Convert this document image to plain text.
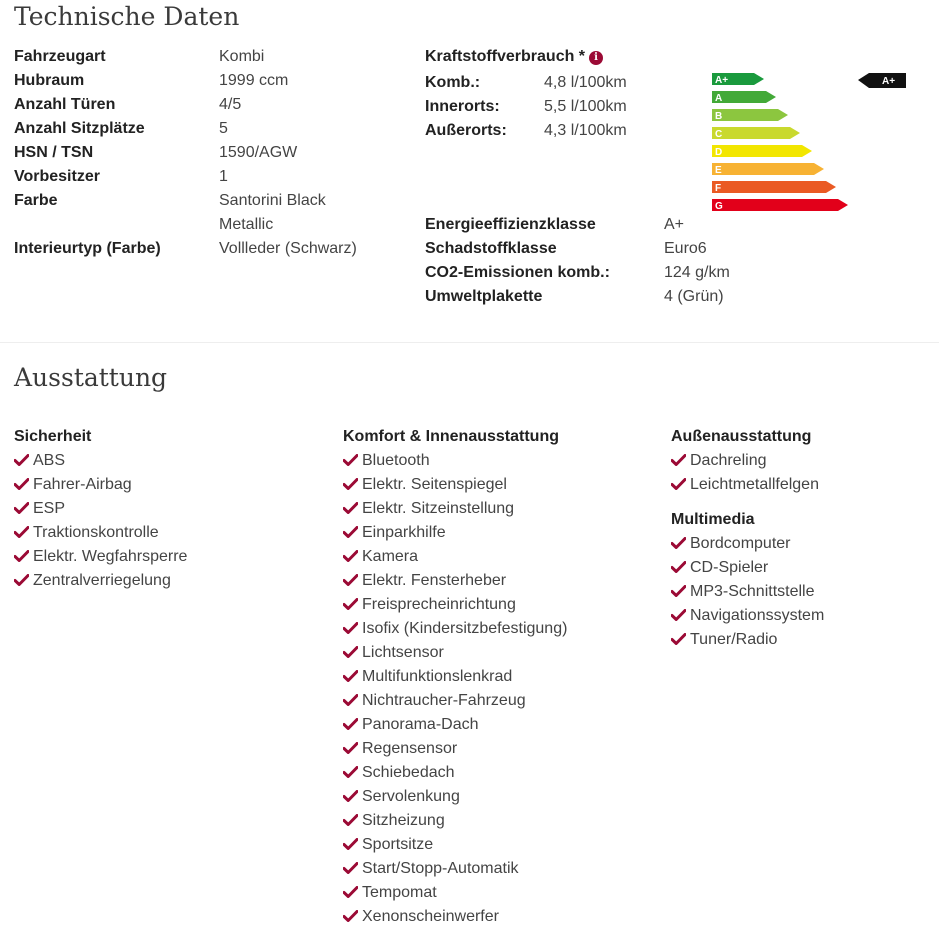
Technische Daten
Fahrzeugart	Kombi
Hubraum	1999 ccm
Anzahl Türen	4/5
Anzahl Sitzplätze	5
HSN / TSN	1590/AGW
Vorbesitzer	1
Farbe	Santorini Black
Metallic
Interieurtyp (Farbe)	Vollleder (Schwarz)
Kraftstoffverbrauch * i
Komb.:	4,8 l/100km
Innerorts:	5,5 l/100km
Außerorts: 4,3 l/100km
A+
A
B
C
D
E
F
G
A+
Energieeffizienzklasse	A+
Schadstoffklasse	Euro6
CO2-Emissionen komb.:	124 g/km
Umweltplakette	4 (Grün)
Ausstattung
Sicherheit
ABS
Fahrer-Airbag
ESP
Traktionskontrolle
Elektr. Wegfahrsperre
Zentralverriegelung
Komfort & Innenausstattung
Bluetooth
Elektr. Seitenspiegel
Elektr. Sitzeinstellung
Einparkhilfe
Kamera
Elektr. Fensterheber
Freisprecheinrichtung
Isofix (Kindersitzbefestigung)
Lichtsensor
Multifunktionslenkrad
Nichtraucher-Fahrzeug
Panorama-Dach
Regensensor
Schiebedach
Servolenkung
Sitzheizung
Sportsitze
Start/Stopp-Automatik
Tempomat
Xenonscheinwerfer
Außenausstattung
Dachreling
Leichtmetallfelgen
Multimedia
Bordcomputer
CD-Spieler
MP3-Schnittstelle
Navigationssystem
Tuner/Radio
